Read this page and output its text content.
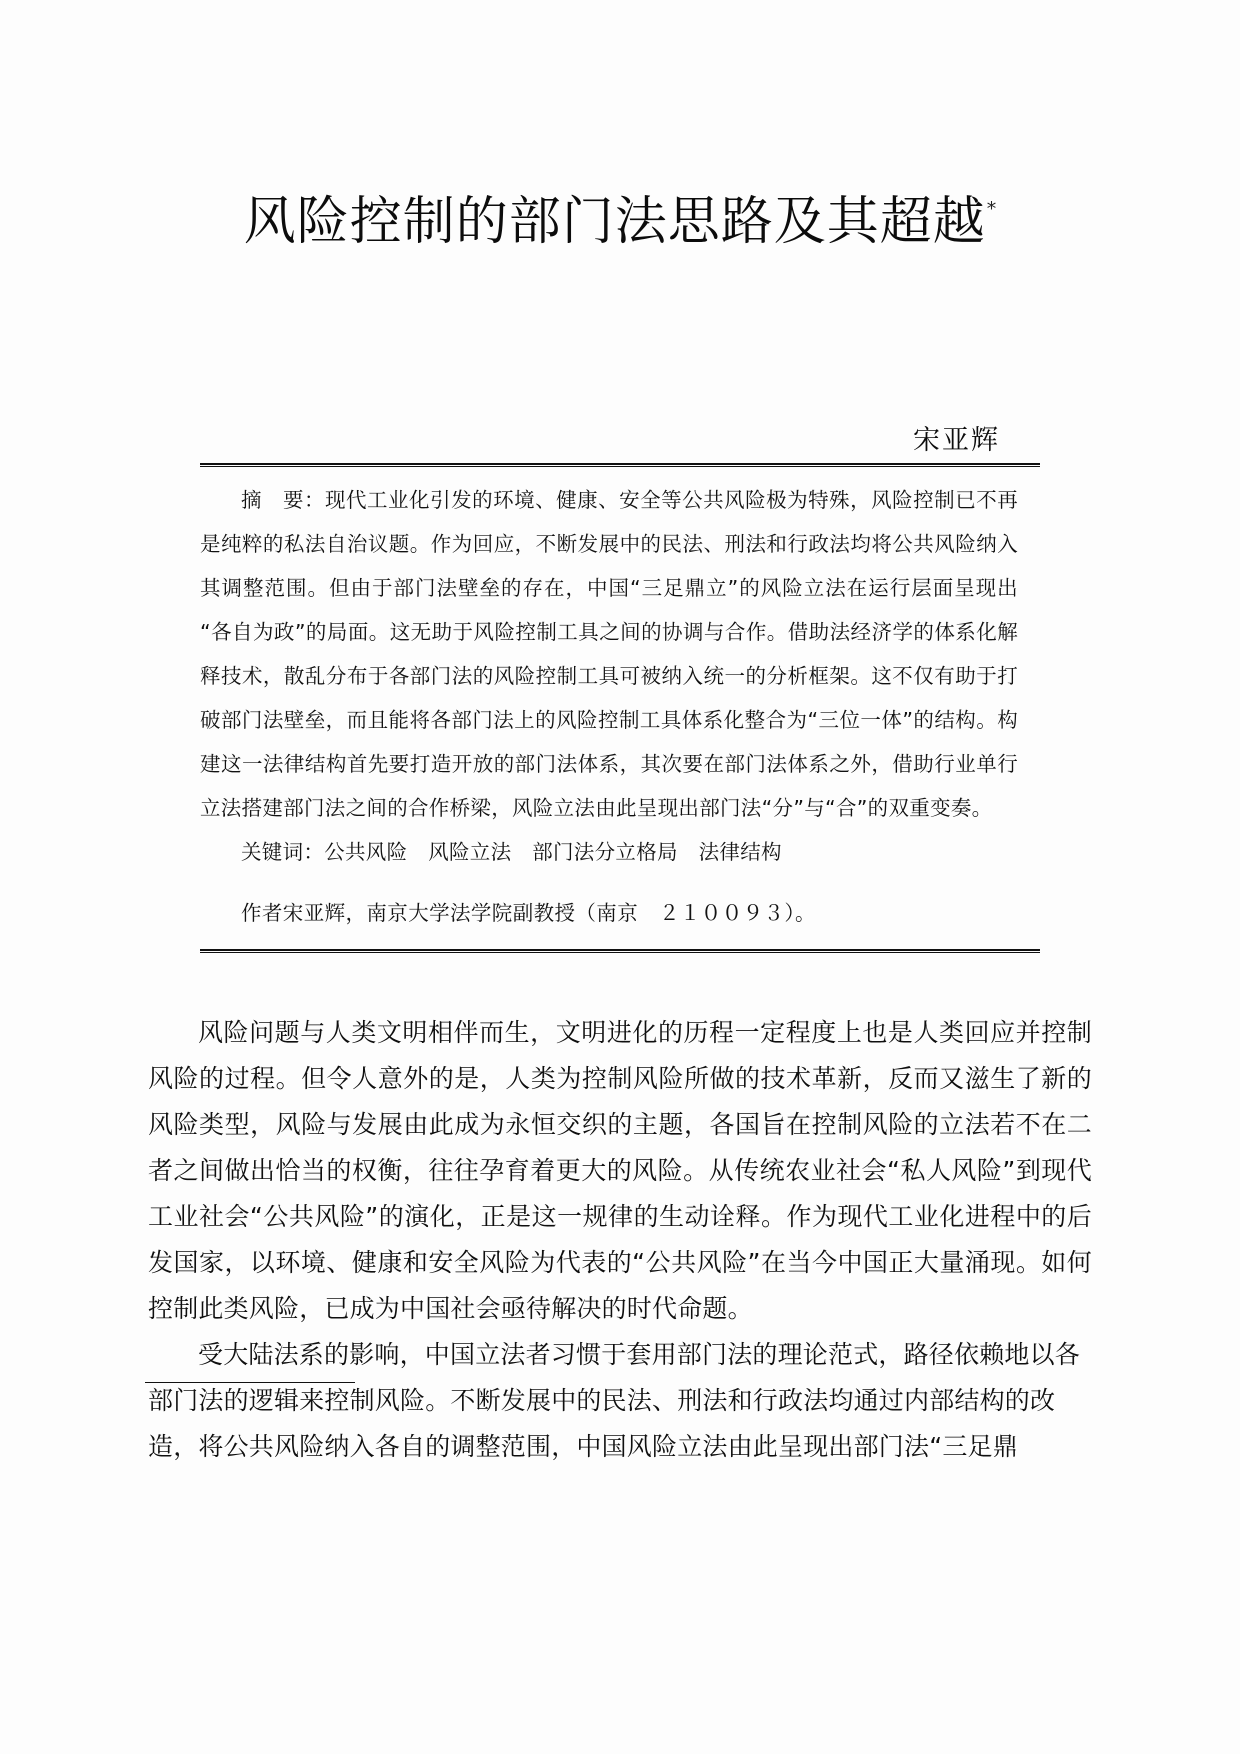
风险控制的部门法思路及其超越*
宋亚辉

摘　要：现代工业化引发的环境、健康、安全等公共风险极为特殊，风险控制已不再是纯粹的私法自治议题。作为回应，不断发展中的民法、刑法和行政法均将公共风险纳入其调整范围。但由于部门法壁垒的存在，中国“三足鼎立”的风险立法在运行层面呈现出“各自为政”的局面。这无助于风险控制工具之间的协调与合作。借助法经济学的体系化解释技术，散乱分布于各部门法的风险控制工具可被纳入统一的分析框架。这不仅有助于打破部门法壁垒，而且能将各部门法上的风险控制工具体系化整合为“三位一体”的结构。构建这一法律结构首先要打造开放的部门法体系，其次要在部门法体系之外，借助行业单行立法搭建部门法之间的合作桥梁，风险立法由此呈现出部门法“分”与“合”的双重变奏。

关键词：公共风险　风险立法　部门法分立格局　法律结构

作者宋亚辉，南京大学法学院副教授（南京　２１００９３）。

风险问题与人类文明相伴而生，文明进化的历程一定程度上也是人类回应并控制风险的过程。但令人意外的是，人类为控制风险所做的技术革新，反而又滋生了新的风险类型，风险与发展由此成为永恒交织的主题，各国旨在控制风险的立法若不在二者之间做出恰当的权衡，往往孕育着更大的风险。从传统农业社会“私人风险”到现代工业社会“公共风险”的演化，正是这一规律的生动诠释。作为现代工业化进程中的后发国家，以环境、健康和安全风险为代表的“公共风险”在当今中国正大量涌现。如何控制此类风险，已成为中国社会亟待解决的时代命题。

受大陆法系的影响，中国立法者习惯于套用部门法的理论范式，路径依赖地以各部门法的逻辑来控制风险。不断发展中的民法、刑法和行政法均通过内部结构的改造，将公共风险纳入各自的调整范围，中国风险立法由此呈现出部门法“三足鼎
